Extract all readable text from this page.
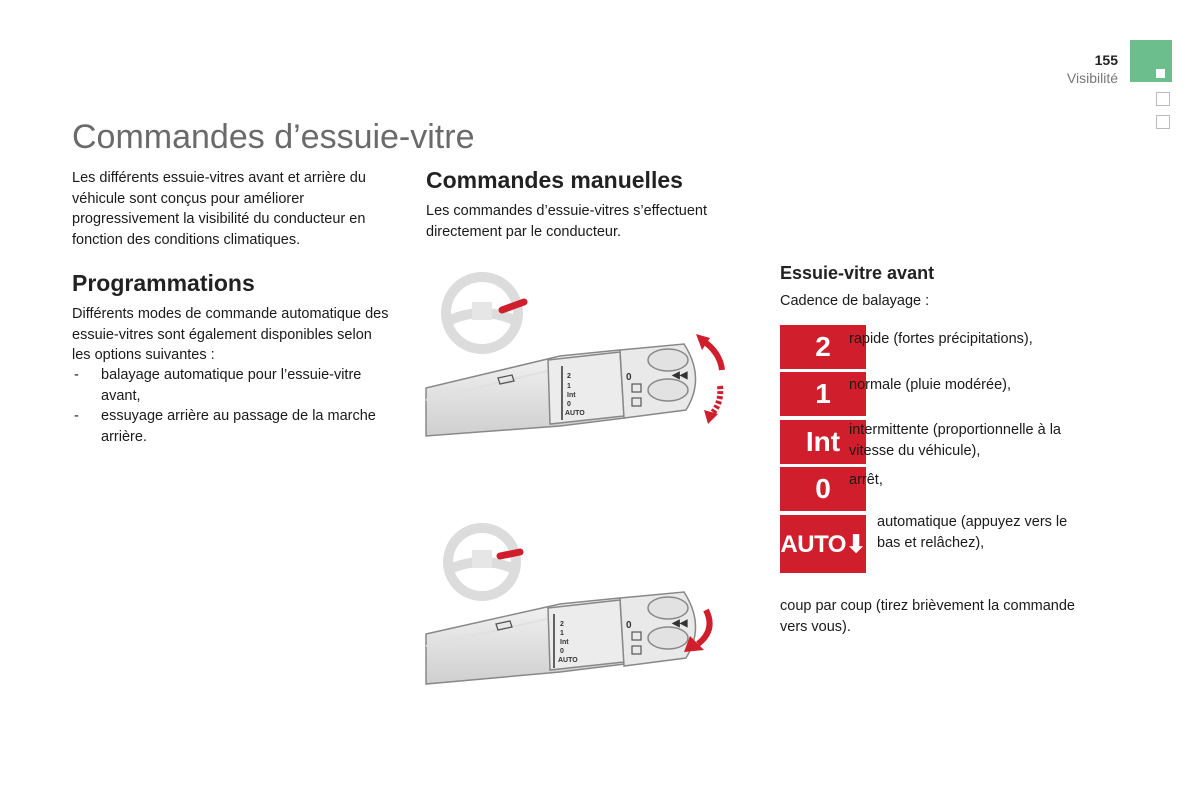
155
Visibilité
Commandes d’essuie-vitre
Les différents essuie-vitres avant et arrière du véhicule sont conçus pour améliorer progressivement la visibilité du conducteur en fonction des conditions climatiques.
Programmations
Différents modes de commande automatique des essuie-vitres sont également disponibles selon les options suivantes :
- balayage automatique pour l’essuie-vitre avant,
- essuyage arrière au passage de la marche arrière.
Commandes manuelles
Les commandes d’essuie-vitres s’effectuent directement par le conducteur.
2
1
Int
0
AUTO
0	◀◀
2
1
Int
0
AUTO
0	◀◀
Essuie-vitre avant
Cadence de balayage :
2	rapide (fortes précipitations),
1	normale (pluie modérée),
Int intermittente (proportionnelle à la vitesse du véhicule),
0	arrêt,
AUTO⬇
automatique (appuyez vers le bas et relâchez),
coup par coup (tirez brièvement la commande vers vous).
